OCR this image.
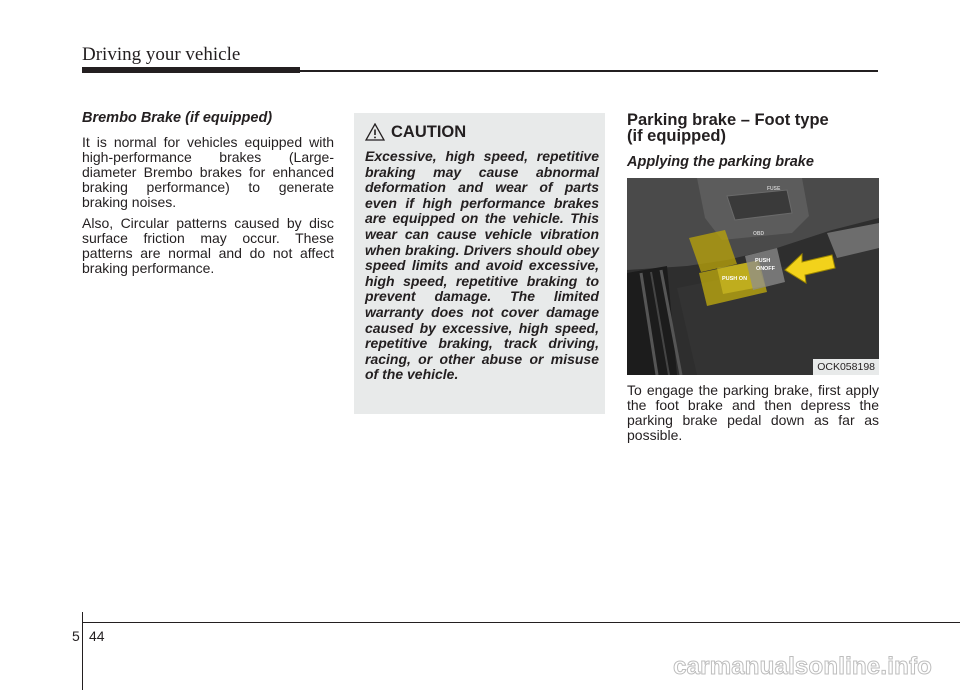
Driving your vehicle

Brembo Brake (if equipped)

It is normal for vehicles equipped with high-performance brakes (Large-diameter Brembo brakes for enhanced braking performance) to generate braking noises.

Also, Circular patterns caused by disc surface friction may occur. These patterns are normal and do not affect braking performance.

CAUTION

Excessive, high speed, repetitive braking may cause abnormal deformation and wear of parts even if high performance brakes are equipped on the vehicle. This wear can cause vehicle vibration when braking. Drivers should obey speed limits and avoid excessive, high speed, repetitive braking to prevent damage. The limited warranty does not cover damage caused by excessive, high speed, repetitive braking, track driving, racing, or other abuse or misuse of the vehicle.

Parking brake – Foot type
(if equipped)

Applying the parking brake

FUSE
OBD
PUSH ON
PUSH
ON OFF
OCK058198

To engage the parking brake, first apply the foot brake and then depress the parking brake pedal down as far as possible.

5 44
carmanualsonline.info
